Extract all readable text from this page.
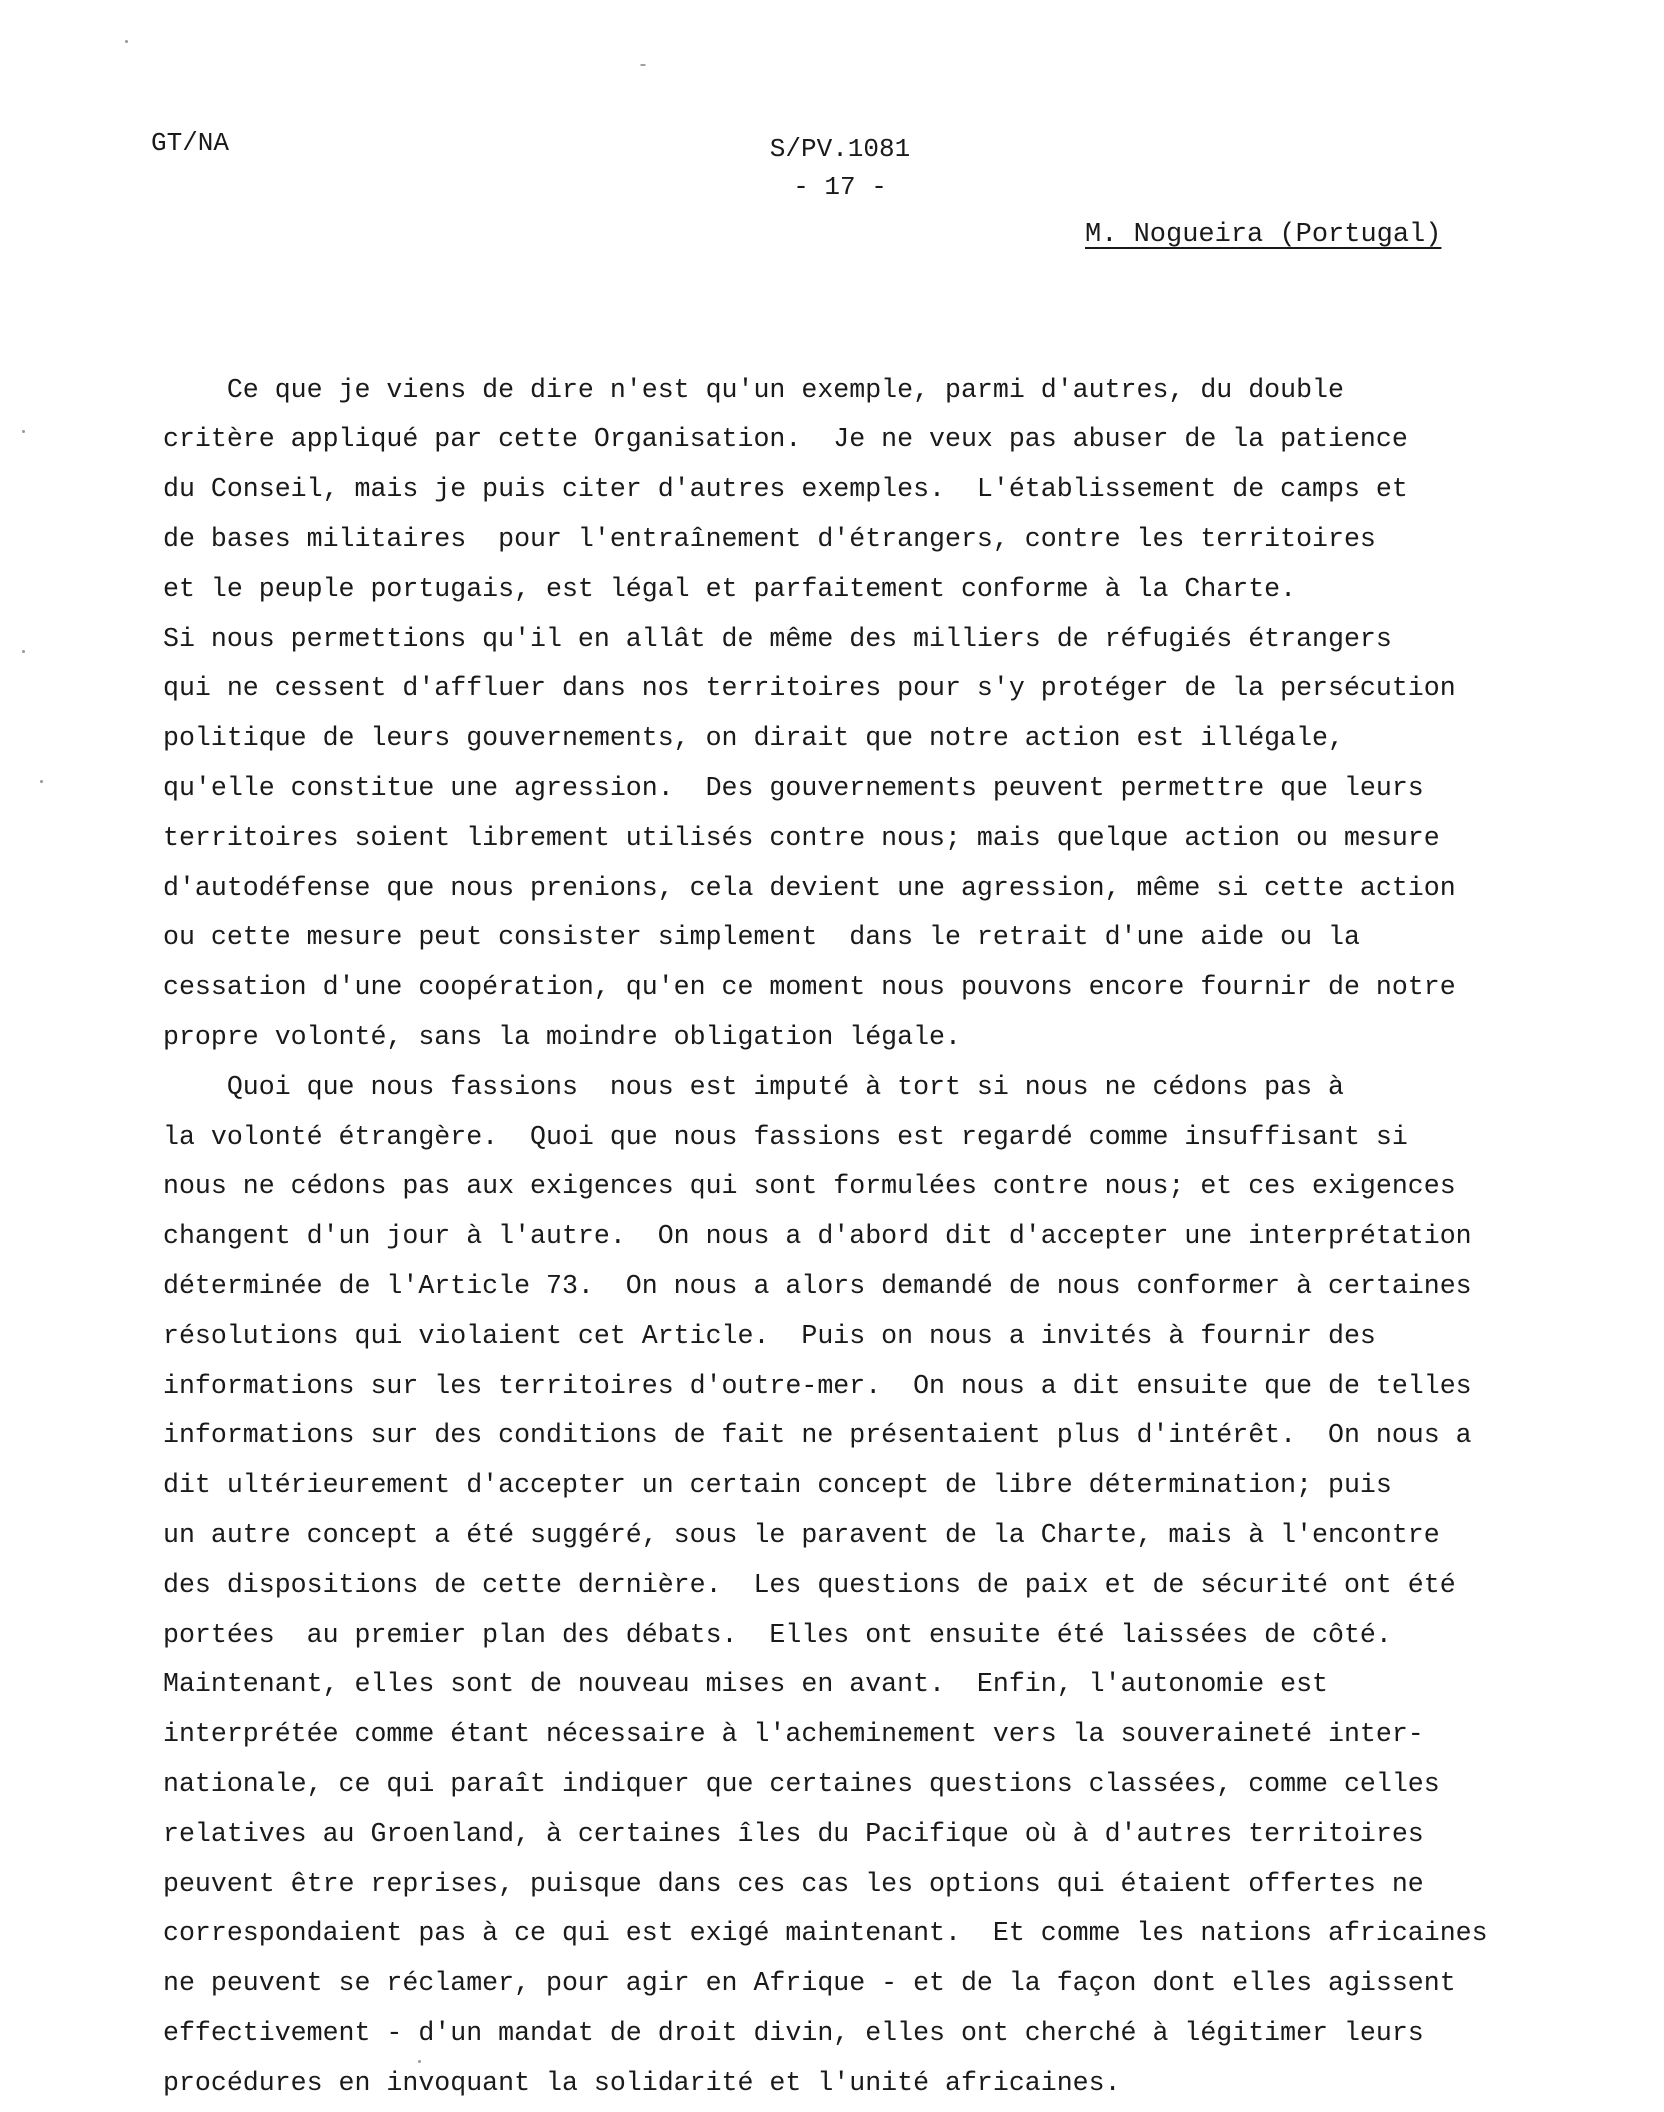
GT/NA	S/PV.1081
- 17 -
M. Nogueira (Portugal)

Ce que je viens de dire n'est qu'un exemple, parmi d'autres, du double
critère appliqué par cette Organisation.  Je ne veux pas abuser de la patience
du Conseil, mais je puis citer d'autres exemples.  L'établissement de camps et
de bases militaires  pour l'entraînement d'étrangers, contre les territoires
et le peuple portugais, est légal et parfaitement conforme à la Charte.
Si nous permettions qu'il en allât de même des milliers de réfugiés étrangers
qui ne cessent d'affluer dans nos territoires pour s'y protéger de la persécution
politique de leurs gouvernements, on dirait que notre action est illégale,
qu'elle constitue une agression.  Des gouvernements peuvent permettre que leurs
territoires soient librement utilisés contre nous; mais quelque action ou mesure
d'autodéfense que nous prenions, cela devient une agression, même si cette action
ou cette mesure peut consister simplement  dans le retrait d'une aide ou la
cessation d'une coopération, qu'en ce moment nous pouvons encore fournir de notre
propre volonté, sans la moindre obligation légale.
Quoi que nous fassions  nous est imputé à tort si nous ne cédons pas à
la volonté étrangère.  Quoi que nous fassions est regardé comme insuffisant si
nous ne cédons pas aux exigences qui sont formulées contre nous; et ces exigences
changent d'un jour à l'autre.  On nous a d'abord dit d'accepter une interprétation
déterminée de l'Article 73.  On nous a alors demandé de nous conformer à certaines
résolutions qui violaient cet Article.  Puis on nous a invités à fournir des
informations sur les territoires d'outre-mer.  On nous a dit ensuite que de telles
informations sur des conditions de fait ne présentaient plus d'intérêt.  On nous a
dit ultérieurement d'accepter un certain concept de libre détermination; puis
un autre concept a été suggéré, sous le paravent de la Charte, mais à l'encontre
des dispositions de cette dernière.  Les questions de paix et de sécurité ont été
portées  au premier plan des débats.  Elles ont ensuite été laissées de côté.
Maintenant, elles sont de nouveau mises en avant.  Enfin, l'autonomie est
interprétée comme étant nécessaire à l'acheminement vers la souveraineté inter-
nationale, ce qui paraît indiquer que certaines questions classées, comme celles
relatives au Groenland, à certaines îles du Pacifique où à d'autres territoires
peuvent être reprises, puisque dans ces cas les options qui étaient offertes ne
correspondaient pas à ce qui est exigé maintenant.  Et comme les nations africaines
ne peuvent se réclamer, pour agir en Afrique - et de la façon dont elles agissent
effectivement - d'un mandat de droit divin, elles ont cherché à légitimer leurs
procédures en invoquant la solidarité et l'unité africaines.
